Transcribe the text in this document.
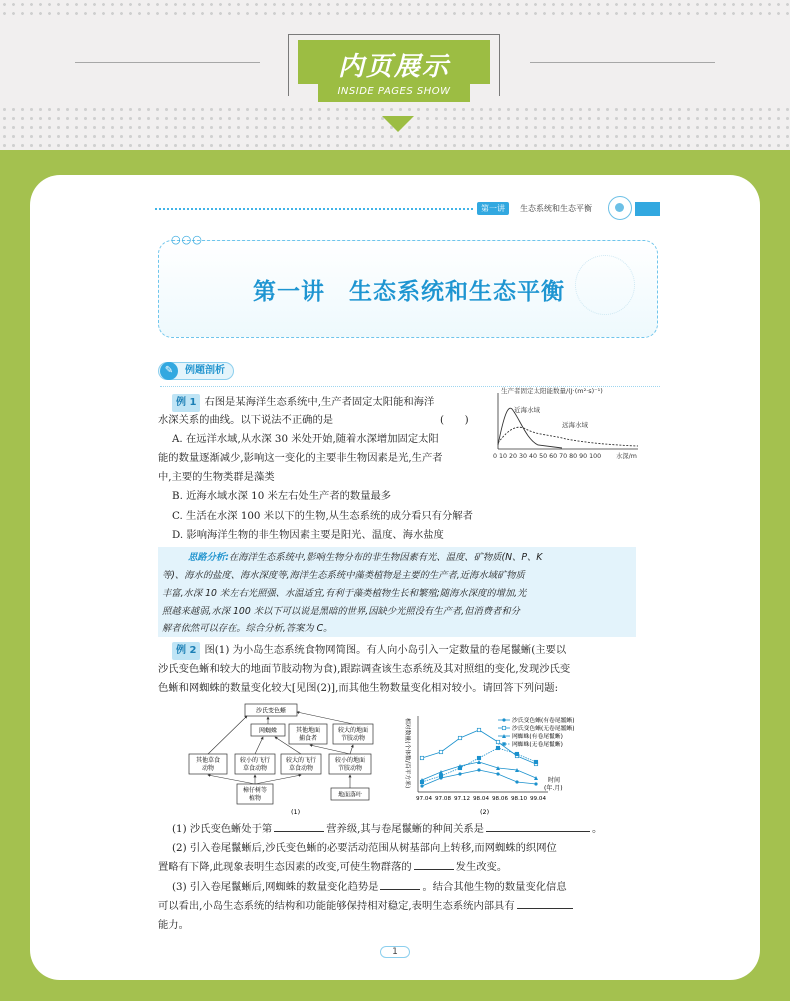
内页展示
INSIDE PAGES SHOW
第一讲	生态系统和生态平衡
○○○
第一讲　生态系统和生态平衡
例题剖析
✎
例 1 右图是某海洋生态系统中,生产者固定太阳能和海洋
水深关系的曲线。以下说法不正确的是	(　　)
A. 在远洋水域,从水深 30 米处开始,随着水深增加固定太阳
能的数量逐渐减少,影响这一变化的主要非生物因素是光,生产者
中,主要的生物类群是藻类
B. 近海水域水深 10 米左右处生产者的数量最多
C. 生活在水深 100 米以下的生物,从生态系统的成分看只有分解者
D. 影响海洋生物的非生物因素主要是阳光、温度、海水盐度
生产者固定太阳能数量/(J·(m²·s)⁻¹)
近海水域
远海水域
0 10 20 30 40 50 60 70 80 90 100 水深/m
思路分析:在海洋生态系统中,影响生物分布的非生物因素有光、温度、矿物质(N、P、K
等)、海水的盐度、海水深度等,海洋生态系统中藻类植物是主要的生产者,近海水域矿物质
丰富,水深 10 米左右光照强、水温适宜,有利于藻类植物生长和繁殖;随海水深度的增加,光
照越来越弱,水深 100 米以下可以说是黑暗的世界,因缺少光照没有生产者,但消费者和分
解者依然可以存在。综合分析,答案为 C。
例 2 图(1) 为小岛生态系统食物网简图。有人向小岛引入一定数量的卷尾鬣蜥(主要以
沙氏变色蜥和较大的地面节肢动物为食),跟踪调查该生态系统及其对照组的变化,发现沙氏变
色蜥和网蜘蛛的数量变化较大[见图(2)],而其他生物数量变化相对较小。请回答下列问题:
沙氏变色蜥
网蜘蛛	其他地面
捕食者
较大的地面
节肢动物
其他草食
动物
较小的飞行
草食动物
较大的飞行
草食动物
较小的地面
节肢动物
樟仔树等
植物	地面落叶
(1)
相对数量(个体数/百平方米)
97.04 97.08 97.12 98.04 98.06 98.10 99.04
时间
(年.月)
沙氏变色蜥(有卷尾鬣蜥)
沙氏变色蜥(无卷尾鬣蜥)
网蜘蛛(有卷尾鬣蜥)
网蜘蛛(无卷尾鬣蜥)
(2)
(1) 沙氏变色蜥处于第	营养级,其与卷尾鬣蜥的种间关系是	。
(2) 引入卷尾鬣蜥后,沙氏变色蜥的必要活动范围从树基部向上转移,而网蜘蛛的织网位
置略有下降,此现象表明生态因素的改变,可使生物群落的	发生改变。
(3) 引入卷尾鬣蜥后,网蜘蛛的数量变化趋势是	。结合其他生物的数量变化信息
可以看出,小岛生态系统的结构和功能能够保持相对稳定,表明生态系统内部具有
能力。
1
